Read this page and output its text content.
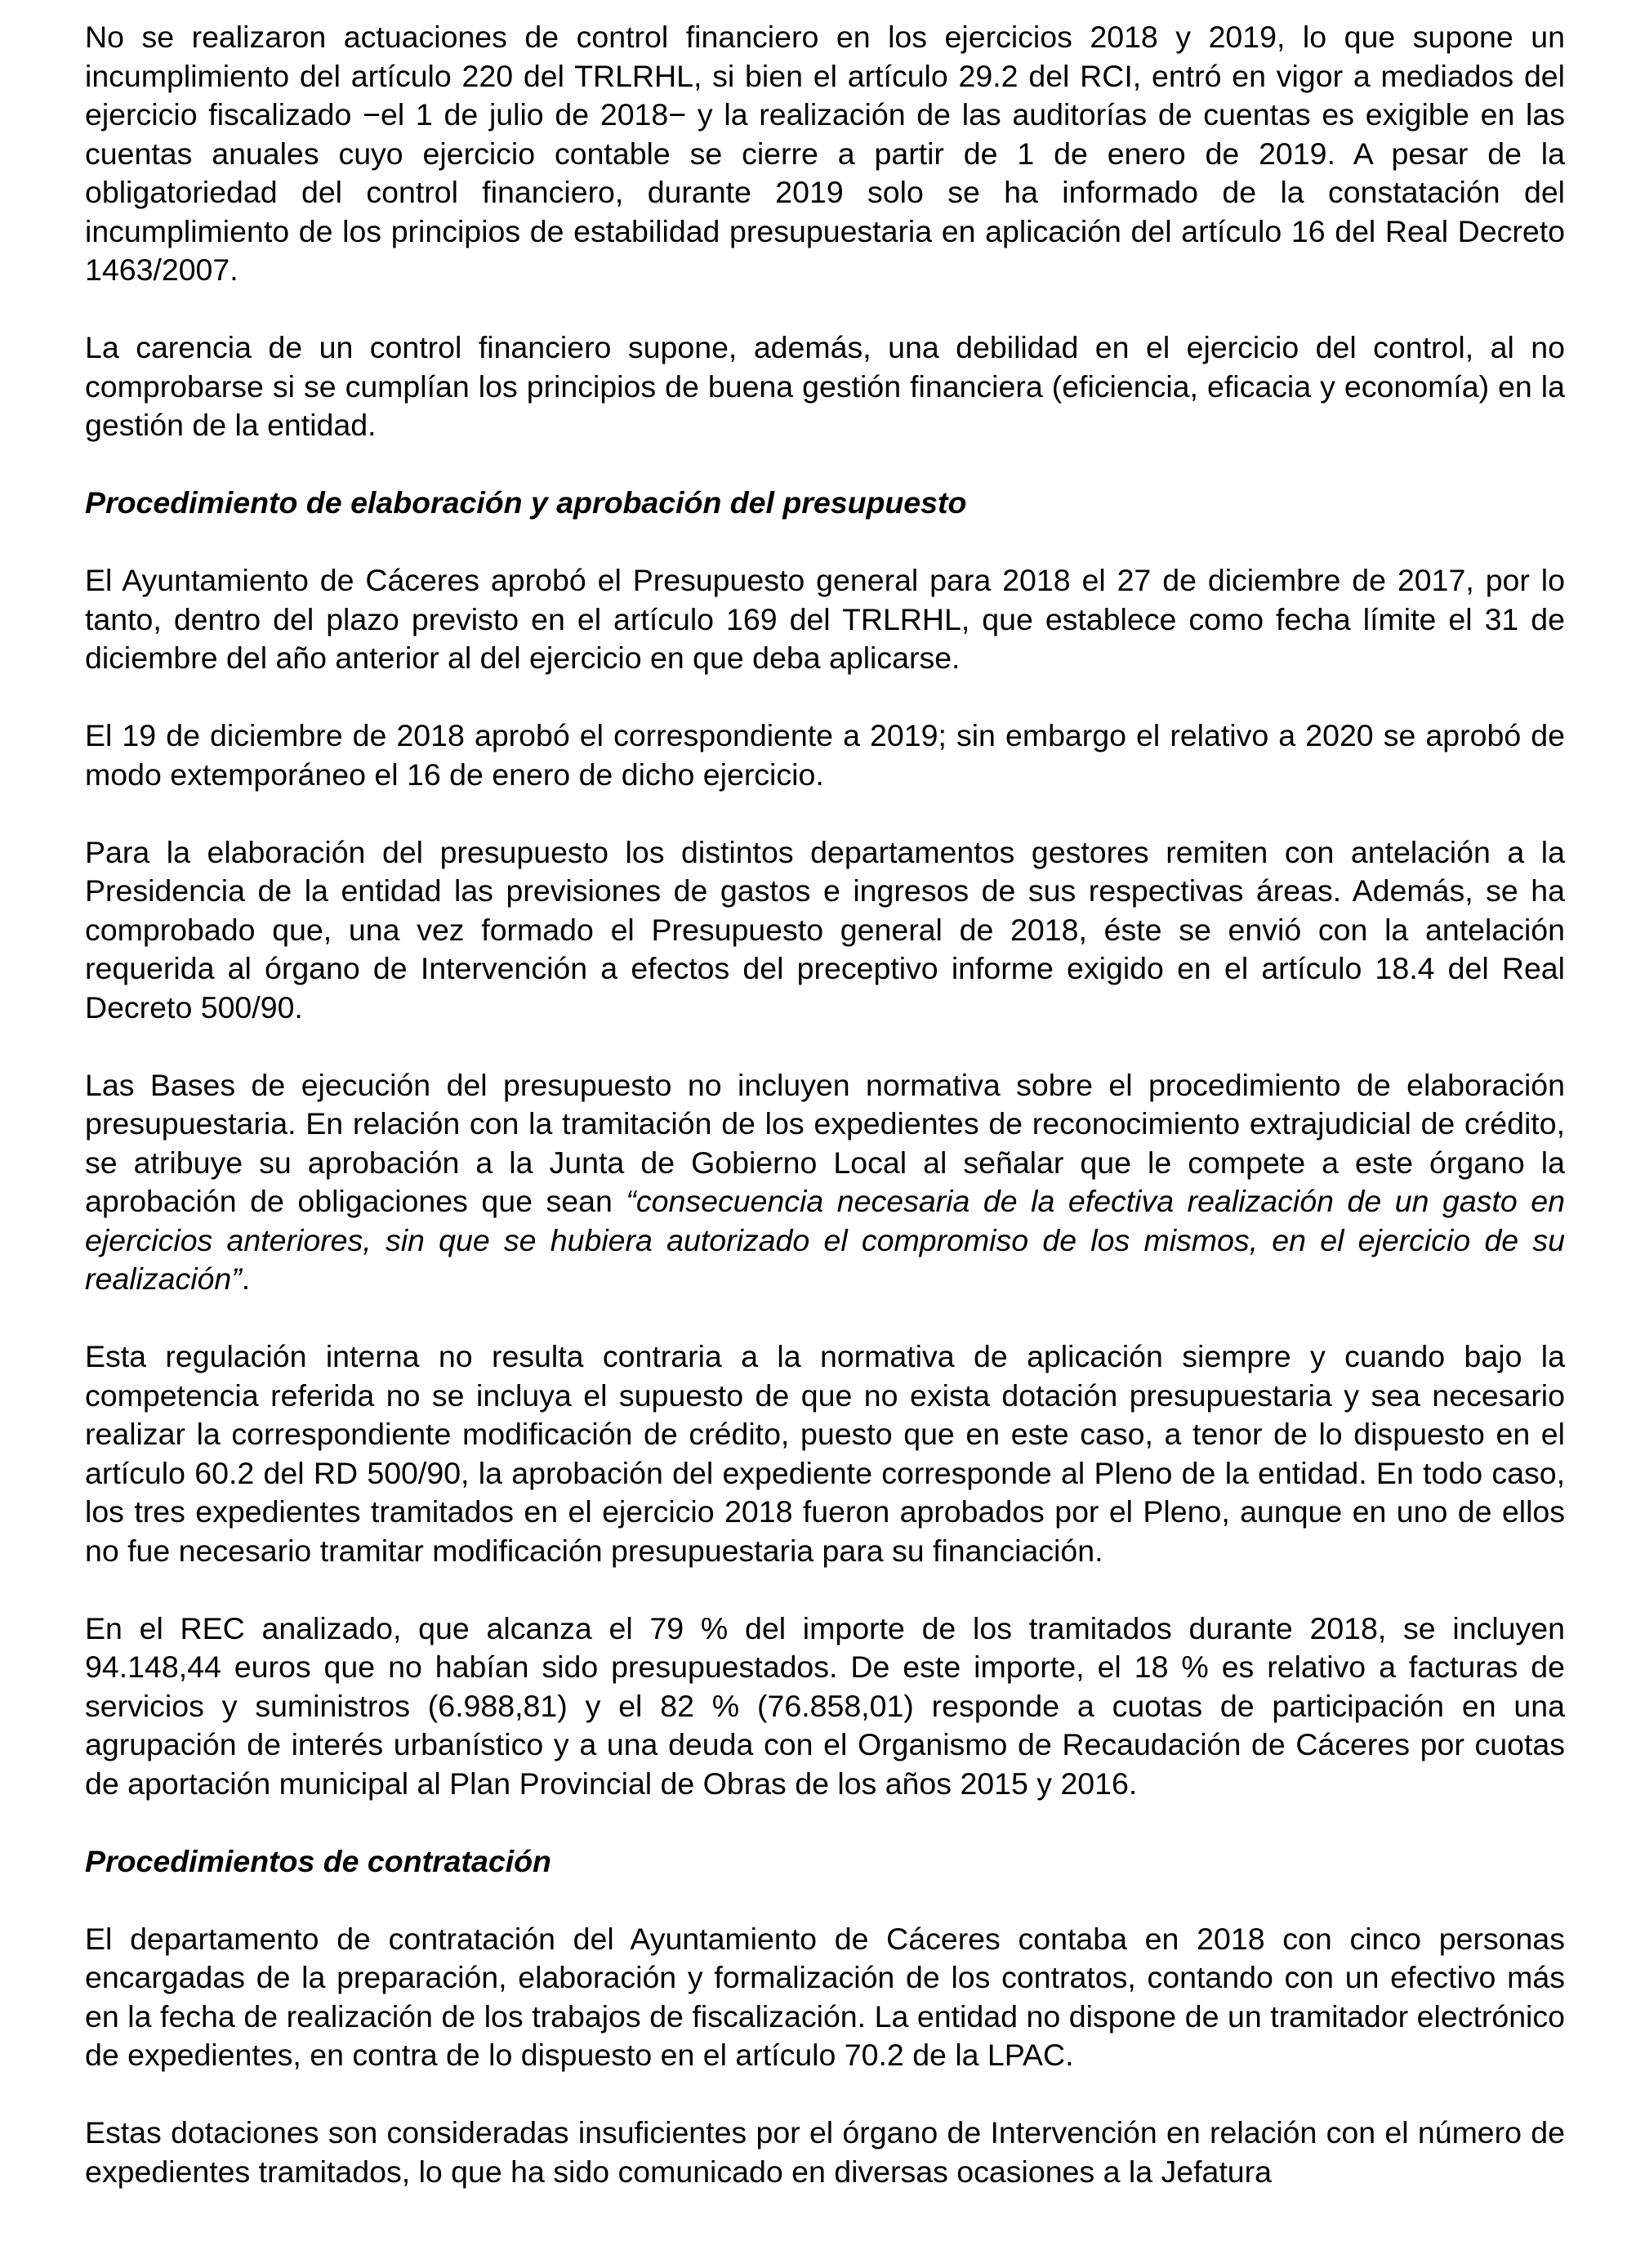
No se realizaron actuaciones de control financiero en los ejercicios 2018 y 2019, lo que supone un incumplimiento del artículo 220 del TRLRHL, si bien el artículo 29.2 del RCI, entró en vigor a mediados del ejercicio fiscalizado −el 1 de julio de 2018− y la realización de las auditorías de cuentas es exigible en las cuentas anuales cuyo ejercicio contable se cierre a partir de 1 de enero de 2019. A pesar de la obligatoriedad del control financiero, durante 2019 solo se ha informado de la constatación del incumplimiento de los principios de estabilidad presupuestaria en aplicación del artículo 16 del Real Decreto 1463/2007.

La carencia de un control financiero supone, además, una debilidad en el ejercicio del control, al no comprobarse si se cumplían los principios de buena gestión financiera (eficiencia, eficacia y economía) en la gestión de la entidad.

Procedimiento de elaboración y aprobación del presupuesto

El Ayuntamiento de Cáceres aprobó el Presupuesto general para 2018 el 27 de diciembre de 2017, por lo tanto, dentro del plazo previsto en el artículo 169 del TRLRHL, que establece como fecha límite el 31 de diciembre del año anterior al del ejercicio en que deba aplicarse.

El 19 de diciembre de 2018 aprobó el correspondiente a 2019; sin embargo el relativo a 2020 se aprobó de modo extemporáneo el 16 de enero de dicho ejercicio.

Para la elaboración del presupuesto los distintos departamentos gestores remiten con antelación a la Presidencia de la entidad las previsiones de gastos e ingresos de sus respectivas áreas. Además, se ha comprobado que, una vez formado el Presupuesto general de 2018, éste se envió con la antelación requerida al órgano de Intervención a efectos del preceptivo informe exigido en el artículo 18.4 del Real Decreto 500/90.

Las Bases de ejecución del presupuesto no incluyen normativa sobre el procedimiento de elaboración presupuestaria. En relación con la tramitación de los expedientes de reconocimiento extrajudicial de crédito, se atribuye su aprobación a la Junta de Gobierno Local al señalar que le compete a este órgano la aprobación de obligaciones que sean “consecuencia necesaria de la efectiva realización de un gasto en ejercicios anteriores, sin que se hubiera autorizado el compromiso de los mismos, en el ejercicio de su realización”.

Esta regulación interna no resulta contraria a la normativa de aplicación siempre y cuando bajo la competencia referida no se incluya el supuesto de que no exista dotación presupuestaria y sea necesario realizar la correspondiente modificación de crédito, puesto que en este caso, a tenor de lo dispuesto en el artículo 60.2 del RD 500/90, la aprobación del expediente corresponde al Pleno de la entidad. En todo caso, los tres expedientes tramitados en el ejercicio 2018 fueron aprobados por el Pleno, aunque en uno de ellos no fue necesario tramitar modificación presupuestaria para su financiación.

En el REC analizado, que alcanza el 79 % del importe de los tramitados durante 2018, se incluyen 94.148,44 euros que no habían sido presupuestados. De este importe, el 18 % es relativo a facturas de servicios y suministros (6.988,81) y el 82 % (76.858,01) responde a cuotas de participación en una agrupación de interés urbanístico y a una deuda con el Organismo de Recaudación de Cáceres por cuotas de aportación municipal al Plan Provincial de Obras de los años 2015 y 2016.

Procedimientos de contratación

El departamento de contratación del Ayuntamiento de Cáceres contaba en 2018 con cinco personas encargadas de la preparación, elaboración y formalización de los contratos, contando con un efectivo más en la fecha de realización de los trabajos de fiscalización. La entidad no dispone de un tramitador electrónico de expedientes, en contra de lo dispuesto en el artículo 70.2 de la LPAC.

Estas dotaciones son consideradas insuficientes por el órgano de Intervención en relación con el número de expedientes tramitados, lo que ha sido comunicado en diversas ocasiones a la Jefatura
